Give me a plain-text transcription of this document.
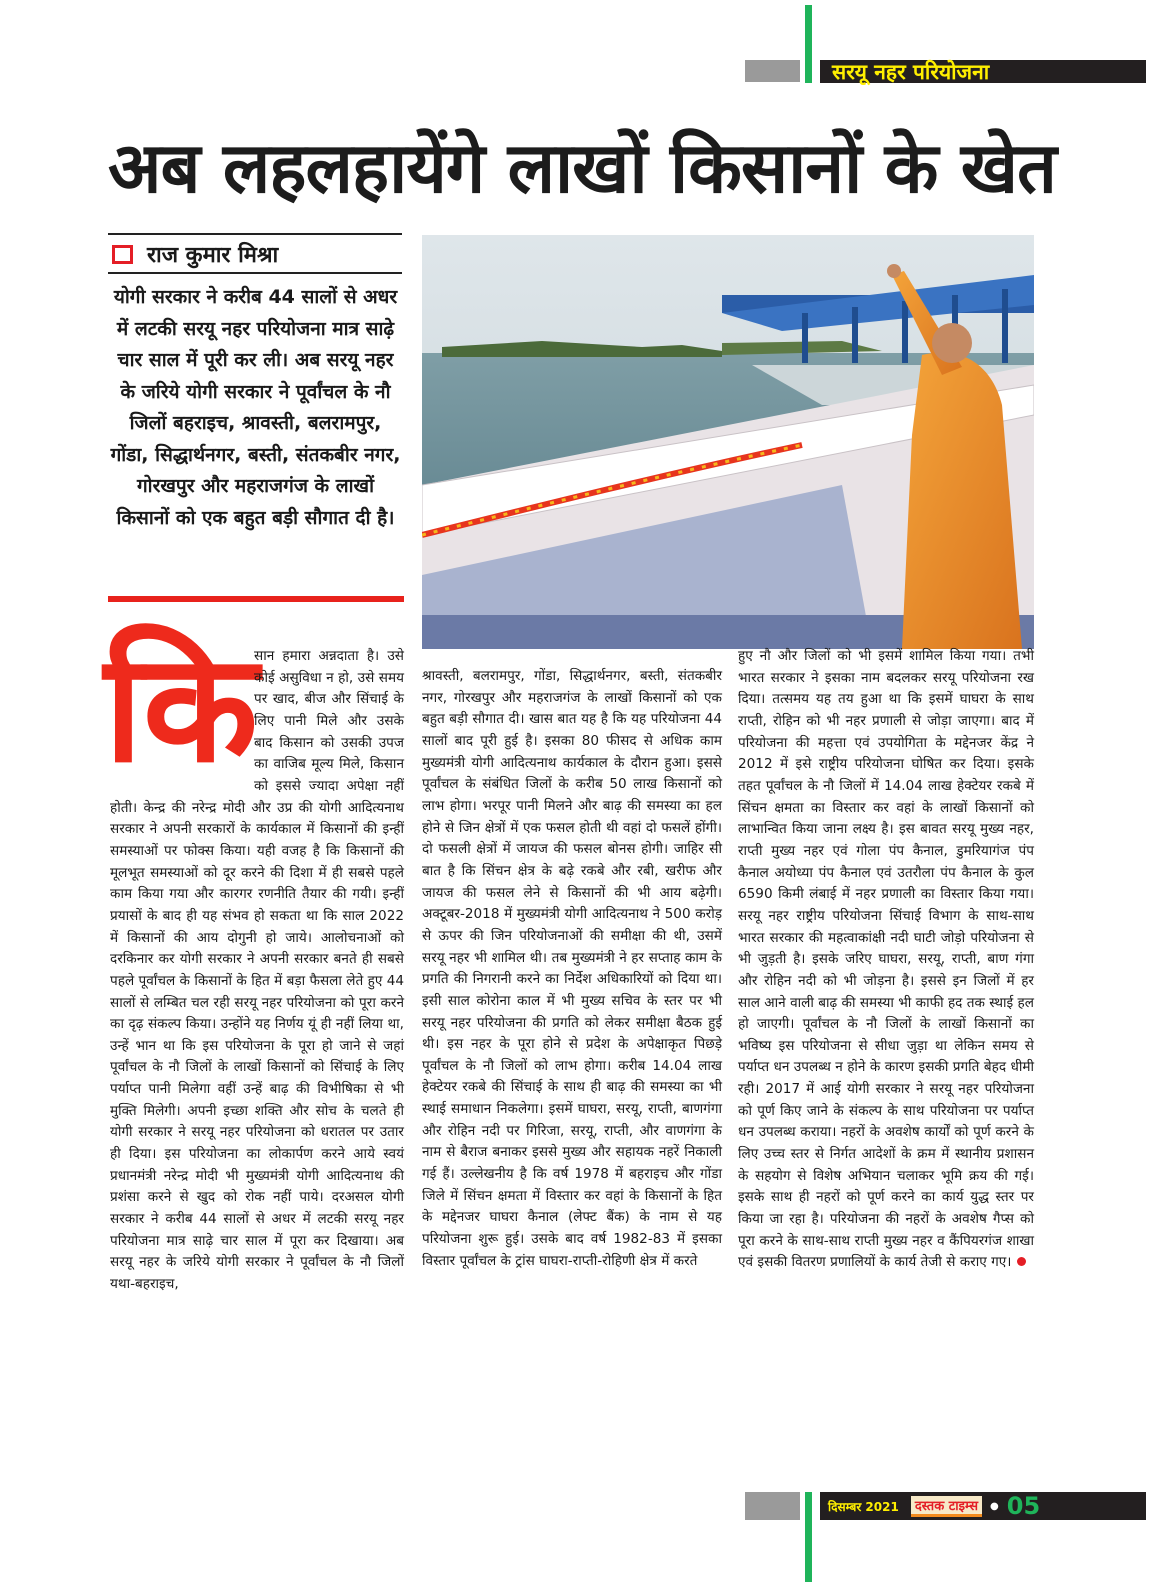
सरयू नहर परियोजना
अब लहलहायेंगे लाखों किसानों के खेत
राज कुमार मिश्रा
योगी सरकार ने करीब 44 सालों से अधर में लटकी सरयू नहर परियोजना मात्र साढ़े चार साल में पूरी कर ली। अब सरयू नहर के जरिये योगी सरकार ने पूर्वांचल के नौ जिलों बहराइच, श्रावस्ती, बलरामपुर, गोंडा, सिद्धार्थनगर, बस्ती, संतकबीर नगर, गोरखपुर और महराजगंज के लाखों किसानों को एक बहुत बड़ी सौगात दी है।
कि
सान हमारा अन्नदाता है। उसे कोई असुविधा न हो, उसे समय पर खाद, बीज और सिंचाई के लिए पानी मिले और उसके बाद किसान को उसकी उपज का वाजिब मूल्य मिले, किसान को इससे ज्यादा अपेक्षा नहीं होती। केन्द्र की नरेन्द्र मोदी और उप्र की योगी आदित्यनाथ सरकार ने अपनी सरकारों के कार्यकाल में किसानों की इन्हीं समस्याओं पर फोक्स किया। यही वजह है कि किसानों की मूलभूत समस्याओं को दूर करने की दिशा में ही सबसे पहले काम किया गया और कारगर रणनीति तैयार की गयी। इन्हीं प्रयासों के बाद ही यह संभव हो सकता था कि साल 2022 में किसानों की आय दोगुनी हो जाये। आलोचनाओं को दरकिनार कर योगी सरकार ने अपनी सरकार बनते ही सबसे पहले पूर्वांचल के किसानों के हित में बड़ा फैसला लेते हुए 44 सालों से लम्बित चल रही सरयू नहर परियोजना को पूरा करने का दृढ़ संकल्प किया। उन्होंने यह निर्णय यूं ही नहीं लिया था, उन्हें भान था कि इस परियोजना के पूरा हो जाने से जहां पूर्वांचल के नौ जिलों के लाखों किसानों को सिंचाई के लिए पर्याप्त पानी मिलेगा वहीं उन्हें बाढ़ की विभीषिका से भी मुक्ति मिलेगी। अपनी इच्छा शक्ति और सोच के चलते ही योगी सरकार ने सरयू नहर परियोजना को धरातल पर उतार ही दिया। इस परियोजना का लोकार्पण करने आये स्वयं प्रधानमंत्री नरेन्द्र मोदी भी मुख्यमंत्री योगी आदित्यनाथ की प्रशंसा करने से खुद को रोक नहीं पाये। दरअसल योगी सरकार ने करीब 44 सालों से अधर में लटकी सरयू नहर परियोजना मात्र साढ़े चार साल में पूरा कर दिखाया। अब सरयू नहर के जरिये योगी सरकार ने पूर्वांचल के नौ जिलों यथा-बहराइच,
श्रावस्ती, बलरामपुर, गोंडा, सिद्धार्थनगर, बस्ती, संतकबीर नगर, गोरखपुर और महराजगंज के लाखों किसानों को एक बहुत बड़ी सौगात दी। खास बात यह है कि यह परियोजना 44 सालों बाद पूरी हुई है। इसका 80 फीसद से अधिक काम मुख्यमंत्री योगी आदित्यनाथ कार्यकाल के दौरान हुआ। इससे पूर्वांचल के संबंधित जिलों के करीब 50 लाख किसानों को लाभ होगा। भरपूर पानी मिलने और बाढ़ की समस्या का हल होने से जिन क्षेत्रों में एक फसल होती थी वहां दो फसलें होंगी। दो फसली क्षेत्रों में जायज की फसल बोनस होगी। जाहिर सी बात है कि सिंचन क्षेत्र के बढ़े रकबे और रबी, खरीफ और जायज की फसल लेने से किसानों की भी आय बढ़ेगी। अक्टूबर-2018 में मुख्यमंत्री योगी आदित्यनाथ ने 500 करोड़ से ऊपर की जिन परियोजनाओं की समीक्षा की थी, उसमें सरयू नहर भी शामिल थी। तब मुख्यमंत्री ने हर सप्ताह काम के प्रगति की निगरानी करने का निर्देश अधिकारियों को दिया था। इसी साल कोरोना काल में भी मुख्य सचिव के स्तर पर भी सरयू नहर परियोजना की प्रगति को लेकर समीक्षा बैठक हुई थी। इस नहर के पूरा होने से प्रदेश के अपेक्षाकृत पिछड़े पूर्वांचल के नौ जिलों को लाभ होगा। करीब 14.04 लाख हेक्टेयर रकबे की सिंचाई के साथ ही बाढ़ की समस्या का भी स्थाई समाधान निकलेगा। इसमें घाघरा, सरयू, राप्ती, बाणगंगा और रोहिन नदी पर गिरिजा, सरयू, राप्ती, और वाणगंगा के नाम से बैराज बनाकर इससे मुख्य और सहायक नहरें निकाली गई हैं। उल्लेखनीय है कि वर्ष 1978 में बहराइच और गोंडा जिले में सिंचन क्षमता में विस्तार कर वहां के किसानों के हित के मद्देनजर घाघरा कैनाल (लेफ्ट बैंक) के नाम से यह परियोजना शुरू हुई। उसके बाद वर्ष 1982-83 में इसका विस्तार पूर्वांचल के ट्रांस घाघरा-राप्ती-रोहिणी क्षेत्र में करते
हुए नौ और जिलों को भी इसमें शामिल किया गया। तभी भारत सरकार ने इसका नाम बदलकर सरयू परियोजना रख दिया। तत्समय यह तय हुआ था कि इसमें घाघरा के साथ राप्ती, रोहिन को भी नहर प्रणाली से जोड़ा जाएगा। बाद में परियोजना की महत्ता एवं उपयोगिता के मद्देनजर केंद्र ने 2012 में इसे राष्ट्रीय परियोजना घोषित कर दिया। इसके तहत पूर्वांचल के नौ जिलों में 14.04 लाख हेक्टेयर रकबे में सिंचन क्षमता का विस्तार कर वहां के लाखों किसानों को लाभान्वित किया जाना लक्ष्य है। इस बावत सरयू मुख्य नहर, राप्ती मुख्य नहर एवं गोला पंप कैनाल, डुमरियागंज पंप कैनाल अयोध्या पंप कैनाल एवं उतरौला पंप कैनाल के कुल 6590 किमी लंबाई में नहर प्रणाली का विस्तार किया गया। सरयू नहर राष्ट्रीय परियोजना सिंचाई विभाग के साथ-साथ भारत सरकार की महत्वाकांक्षी नदी घाटी जोड़ो परियोजना से भी जुड़ती है। इसके जरिए घाघरा, सरयू, राप्ती, बाण गंगा और रोहिन नदी को भी जोड़ना है। इससे इन जिलों में हर साल आने वाली बाढ़ की समस्या भी काफी हद तक स्थाई हल हो जाएगी। पूर्वांचल के नौ जिलों के लाखों किसानों का भविष्य इस परियोजना से सीधा जुड़ा था लेकिन समय से पर्याप्त धन उपलब्ध न होने के कारण इसकी प्रगति बेहद धीमी रही। 2017 में आई योगी सरकार ने सरयू नहर परियोजना को पूर्ण किए जाने के संकल्प के साथ परियोजना पर पर्याप्त धन उपलब्ध कराया। नहरों के अवशेष कार्यों को पूर्ण करने के लिए उच्च स्तर से निर्गत आदेशों के क्रम में स्थानीय प्रशासन के सहयोग से विशेष अभियान चलाकर भूमि क्रय की गई। इसके साथ ही नहरों को पूर्ण करने का कार्य युद्ध स्तर पर किया जा रहा है। परियोजना की नहरों के अवशेष गैप्स को पूरा करने के साथ-साथ राप्ती मुख्य नहर व कैंपियरगंज शाखा एवं इसकी वितरण प्रणालियों के कार्य तेजी से कराए गए।
दिसम्बर 2021	दस्तक टाइम्स	● 05
